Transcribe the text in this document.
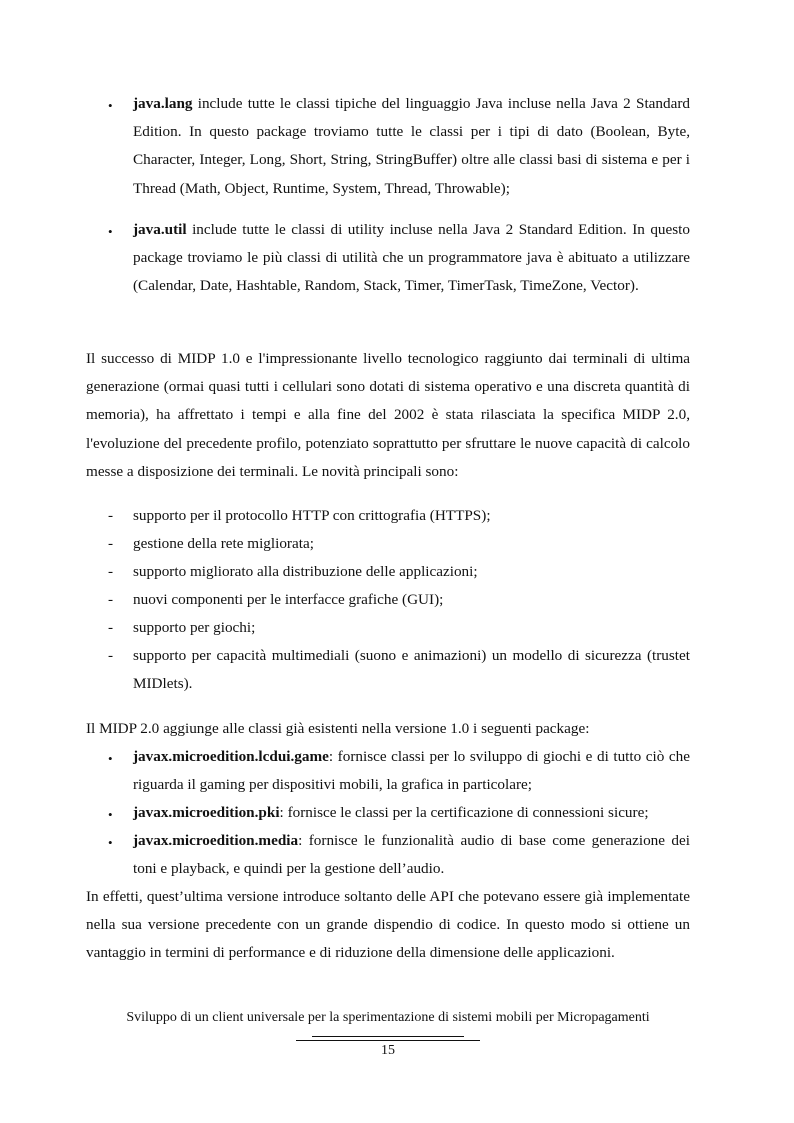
• java.lang include tutte le classi tipiche del linguaggio Java incluse nella Java 2 Standard Edition. In questo package troviamo tutte le classi per i tipi di dato (Boolean, Byte, Character, Integer, Long, Short, String, StringBuffer) oltre alle classi basi di sistema e per i Thread (Math, Object, Runtime, System, Thread, Throwable);

• java.util include tutte le classi di utility incluse nella Java 2 Standard Edition. In questo package troviamo le più classi di utilità che un programmatore java è abituato a utilizzare (Calendar, Date, Hashtable, Random, Stack, Timer, TimerTask, TimeZone, Vector).

Il successo di MIDP 1.0 e l'impressionante livello tecnologico raggiunto dai terminali di ultima generazione (ormai quasi tutti i cellulari sono dotati di sistema operativo e una discreta quantità di memoria), ha affrettato i tempi e alla fine del 2002 è stata rilasciata la specifica MIDP 2.0, l'evoluzione del precedente profilo, potenziato soprattutto per sfruttare le nuove capacità di calcolo messe a disposizione dei terminali. Le novità principali sono:

- supporto per il protocollo HTTP con crittografia (HTTPS);

- gestione della rete migliorata;

- supporto migliorato alla distribuzione delle applicazioni;

- nuovi componenti per le interfacce grafiche (GUI);

- supporto per giochi;

- supporto per capacità multimediali (suono e animazioni) un modello di sicurezza (trustet MIDlets).

Il MIDP 2.0 aggiunge alle classi già esistenti nella versione 1.0 i seguenti package:

• javax.microedition.lcdui.game: fornisce classi per lo sviluppo di giochi e di tutto ciò che riguarda il gaming per dispositivi mobili, la grafica in particolare;

• javax.microedition.pki: fornisce le classi per la certificazione di connessioni sicure;

• javax.microedition.media: fornisce le funzionalità audio di base come generazione dei toni e playback, e quindi per la gestione dell’audio.

In effetti, quest’ultima versione introduce soltanto delle API che potevano essere già implementate nella sua versione precedente con un grande dispendio di codice. In questo modo si ottiene un vantaggio in termini di performance e di riduzione della dimensione delle applicazioni.

Sviluppo di un client universale per la sperimentazione di sistemi mobili per Micropagamenti
15
